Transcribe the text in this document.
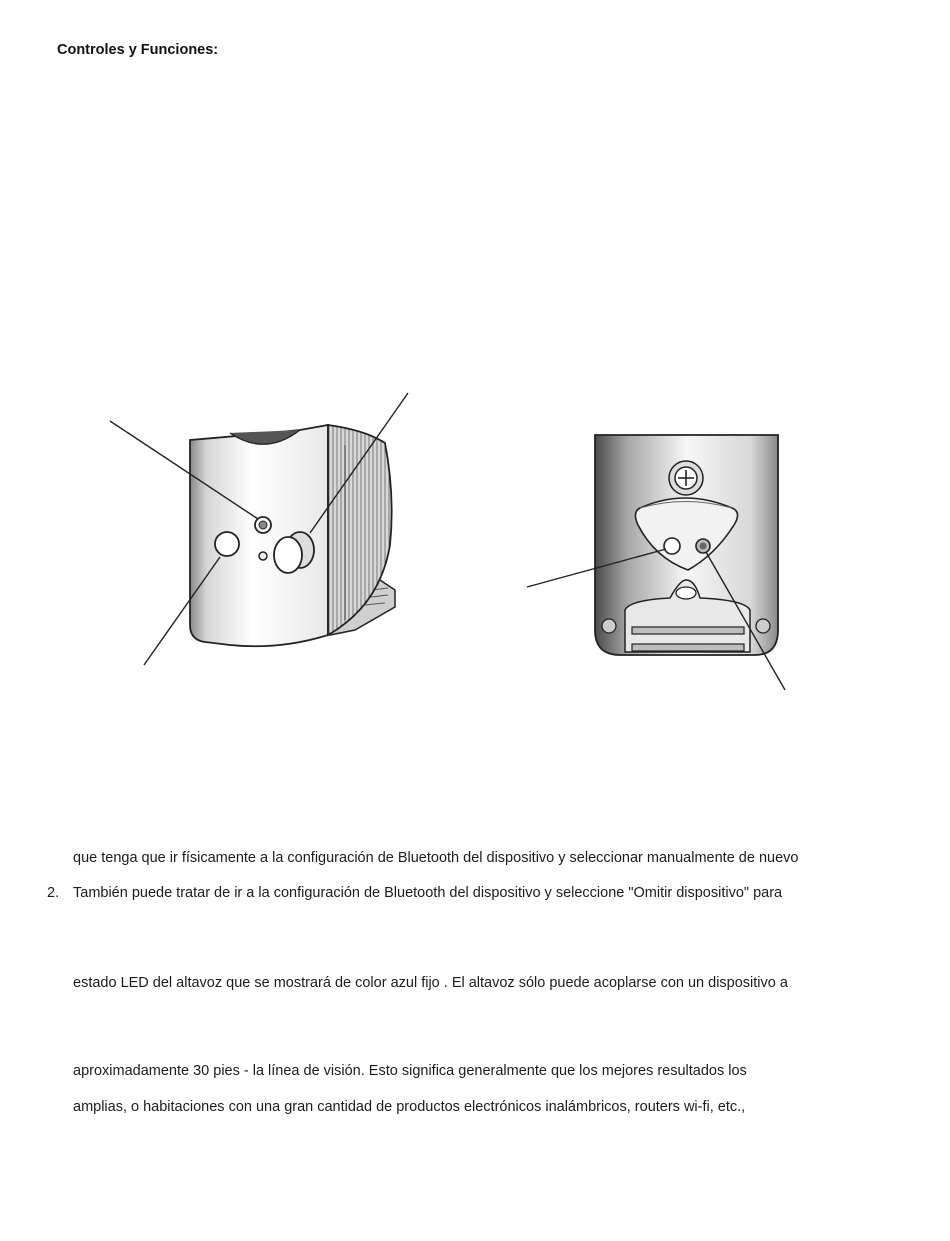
Controles y Funciones:
que tenga que ir físicamente a la configuración de Bluetooth del dispositivo y seleccionar manualmente de nuevo
2. También puede tratar de ir a la configuración de Bluetooth del dispositivo y seleccione "Omitir dispositivo" para
estado LED del altavoz que se mostrará de color azul fijo . El altavoz sólo puede acoplarse con un dispositivo a
aproximadamente 30 pies - la línea de visión. Esto significa generalmente que los mejores resultados los
amplias, o habitaciones con una gran cantidad de productos electrónicos inalámbricos, routers wi-fi, etc.,
